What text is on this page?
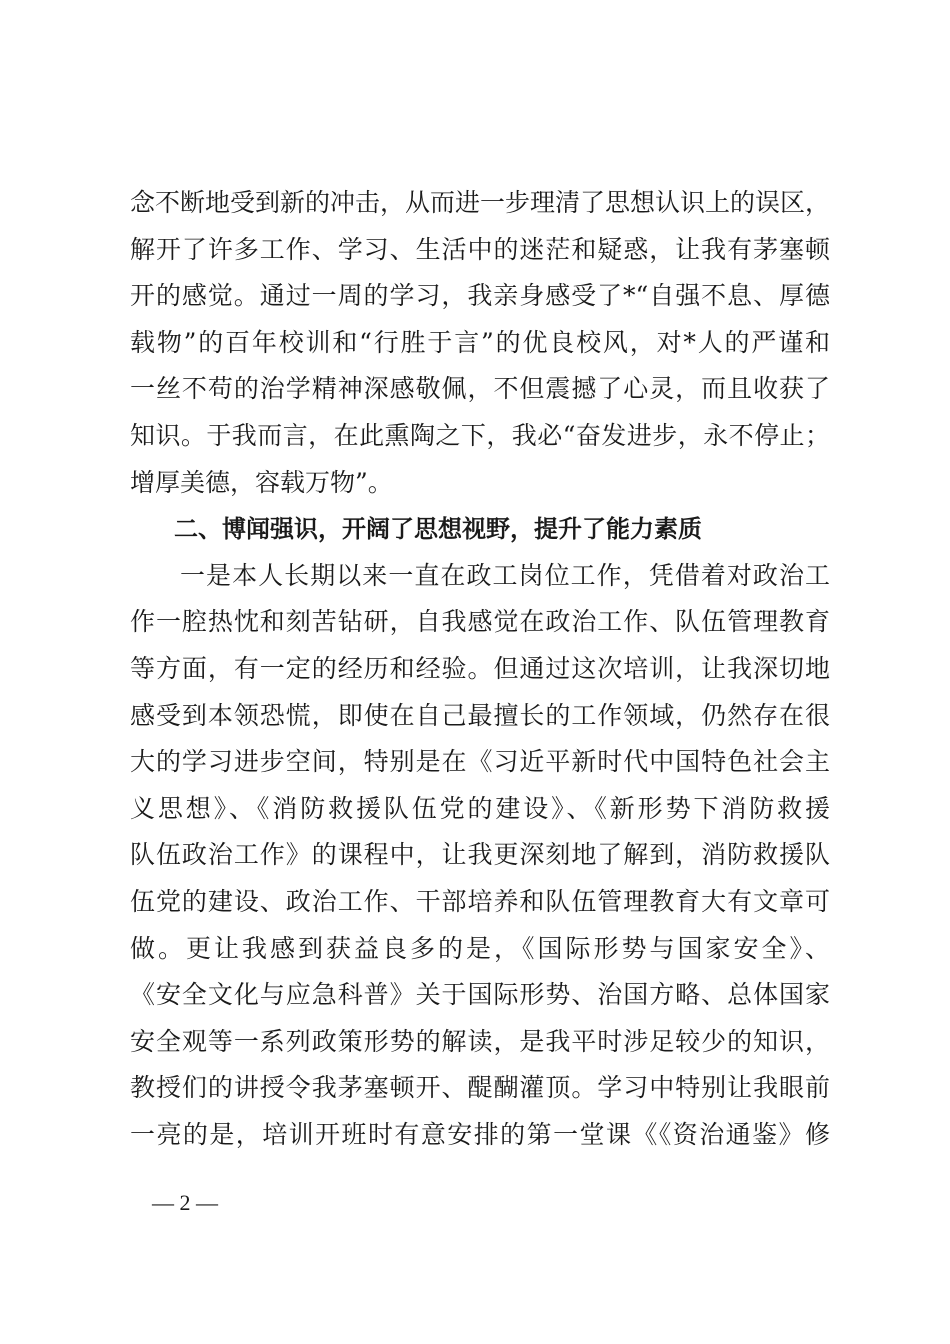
念不断地受到新的冲击，从而进一步理清了思想认识上的误区，
解开了许多工作、学习、生活中的迷茫和疑惑，让我有茅塞顿
开的感觉。通过一周的学习，我亲身感受了*“自强不息、厚德
载物”的百年校训和“行胜于言”的优良校风，对*人的严谨和
一丝不苟的治学精神深感敬佩，不但震撼了心灵，而且收获了
知识。于我而言，在此熏陶之下，我必“奋发进步，永不停止；
增厚美德，容载万物”。
二、博闻强识，开阔了思想视野，提升了能力素质
一是本人长期以来一直在政工岗位工作，凭借着对政治工
作一腔热忱和刻苦钻研，自我感觉在政治工作、队伍管理教育
等方面，有一定的经历和经验。但通过这次培训，让我深切地
感受到本领恐慌，即使在自己最擅长的工作领域，仍然存在很
大的学习进步空间，特别是在《习近平新时代中国特色社会主
义思想》、《消防救援队伍党的建设》、《新形势下消防救援
队伍政治工作》的课程中，让我更深刻地了解到，消防救援队
伍党的建设、政治工作、干部培养和队伍管理教育大有文章可
做。更让我感到获益良多的是，《国际形势与国家安全》、
《安全文化与应急科普》关于国际形势、治国方略、总体国家
安全观等一系列政策形势的解读，是我平时涉足较少的知识，
教授们的讲授令我茅塞顿开、醍醐灌顶。学习中特别让我眼前
一亮的是，培训开班时有意安排的第一堂课《《资治通鉴》修
— 2 —
